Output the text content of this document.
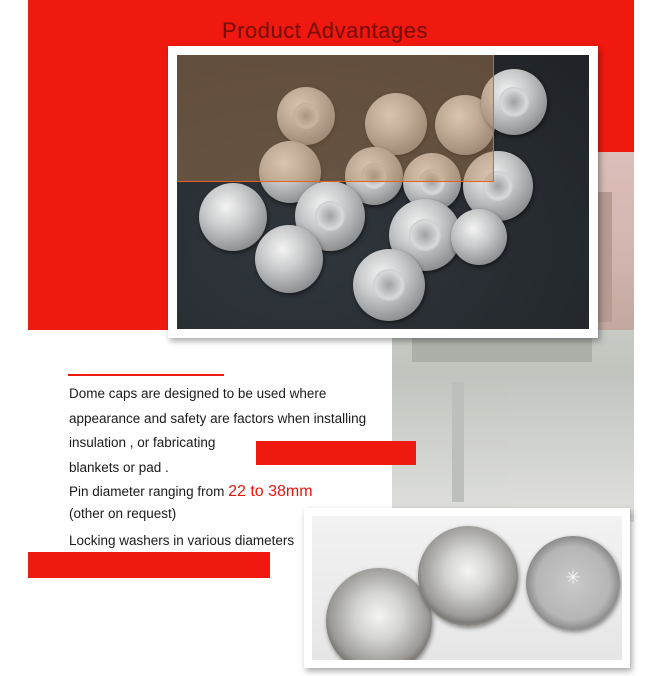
Product Advantages

Dome caps are designed to be used where

appearance and safety are factors when installing

insulation , or fabricating

blankets or pad .

Pin diameter ranging from 22 to 38mm

(other on request)

Locking washers in various diameters

✳
